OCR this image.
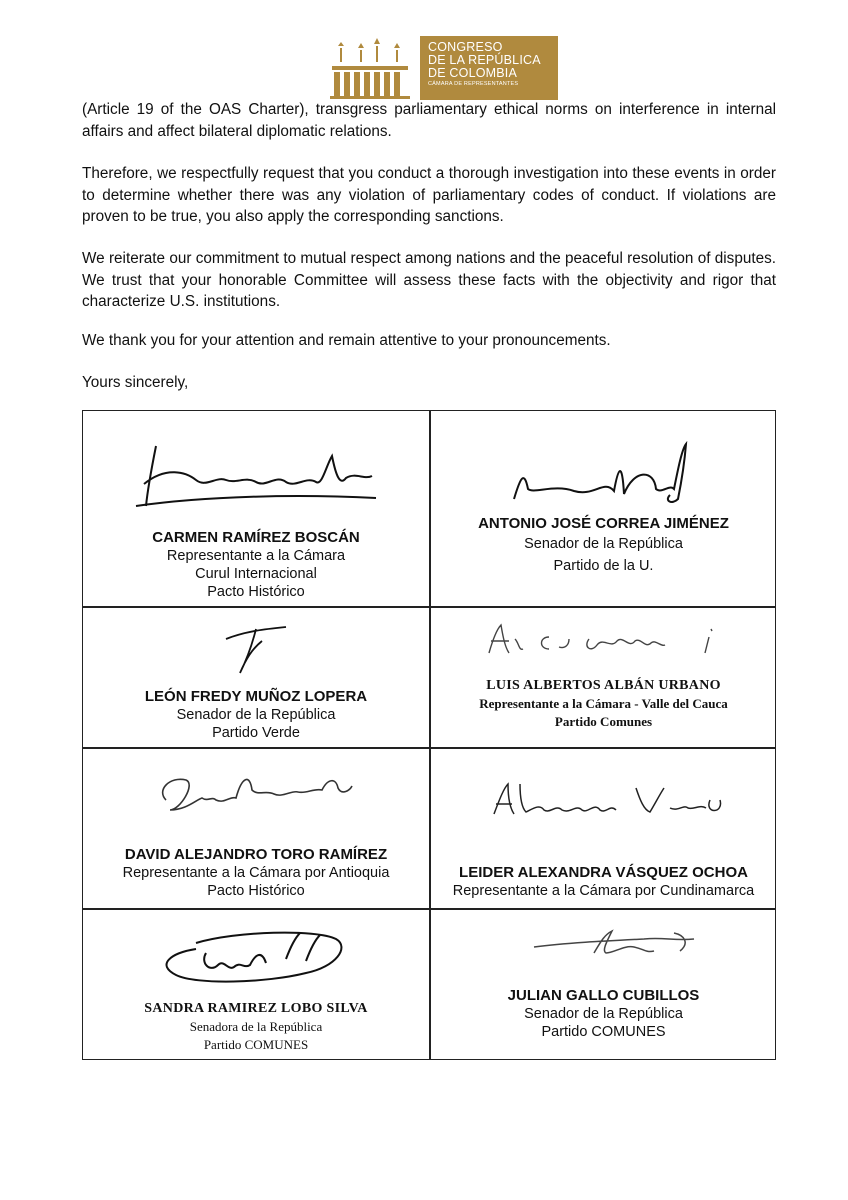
CONGRESO
DE LA REPÚBLICA
DE COLOMBIA
CÁMARA DE REPRESENTANTES

(Article 19 of the OAS Charter), transgress parliamentary ethical norms on interference in internal affairs and affect bilateral diplomatic relations.

Therefore, we respectfully request that you conduct a thorough investigation into these events in order to determine whether there was any violation of parliamentary codes of conduct. If violations are proven to be true, you also apply the corresponding sanctions.

We reiterate our commitment to mutual respect among nations and the peaceful resolution of disputes. We trust that your honorable Committee will assess these facts with the objectivity and rigor that characterize U.S. institutions.

We thank you for your attention and remain attentive to your pronouncements.

Yours sincerely,

CARMEN RAMÍREZ BOSCÁN
Representante a la Cámara
Curul Internacional
Pacto Histórico
ANTONIO JOSÉ CORREA JIMÉNEZ
Senador de la República
Partido de la U.
LEÓN FREDY MUÑOZ LOPERA
Senador de la República
Partido Verde
LUIS ALBERTOS ALBÁN URBANO
Representante a la Cámara - Valle del Cauca
Partido Comunes
DAVID ALEJANDRO TORO RAMÍREZ
Representante a la Cámara por Antioquia
Pacto Histórico
LEIDER ALEXANDRA VÁSQUEZ OCHOA
Representante a la Cámara por Cundinamarca
SANDRA RAMIREZ LOBO SILVA
Senadora de la República
Partido COMUNES
JULIAN GALLO CUBILLOS
Senador de la República
Partido COMUNES
